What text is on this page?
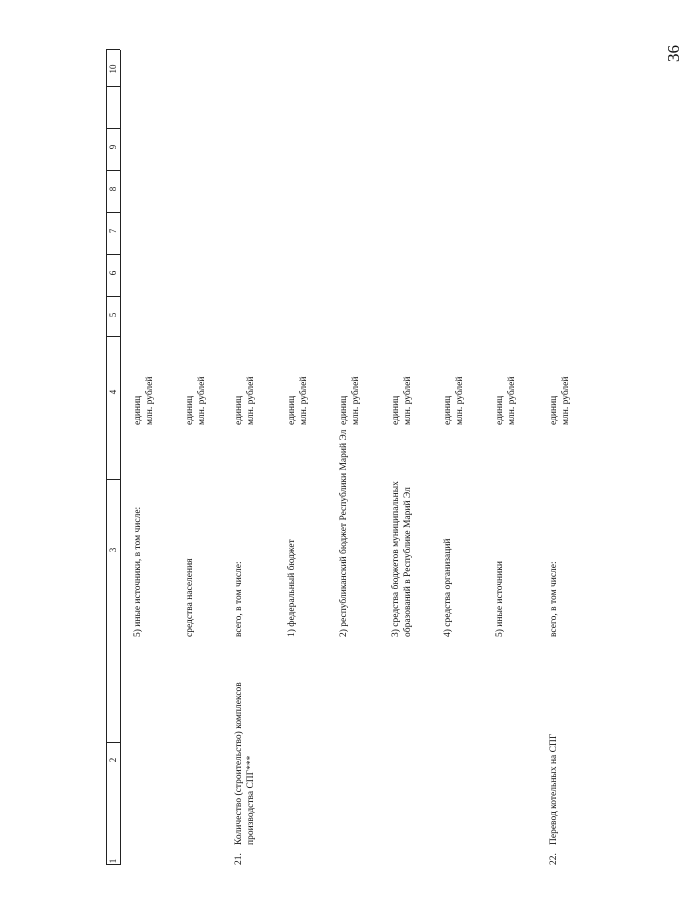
36
1
2
3
4
5
6
7
8
9
10
5) иные источники, в том числе:
единиц млн. рублей
средства населения
единиц млн. рублей
21.
Количество (строительство) комплексов производства СПГ***
всего, в том числе:
единиц млн. рублей
1) федеральный бюджет
единиц млн. рублей
2) республиканский бюджет Республики Марий Эл
единиц млн. рублей
3) средства бюджетов муниципальных образований в Республике Марий Эл
единиц млн. рублей
4) средства организаций
единиц млн. рублей
5) иные источники
единиц млн. рублей
22.
Перевод котельных на СПГ
всего, в том числе:
единиц млн. рублей
